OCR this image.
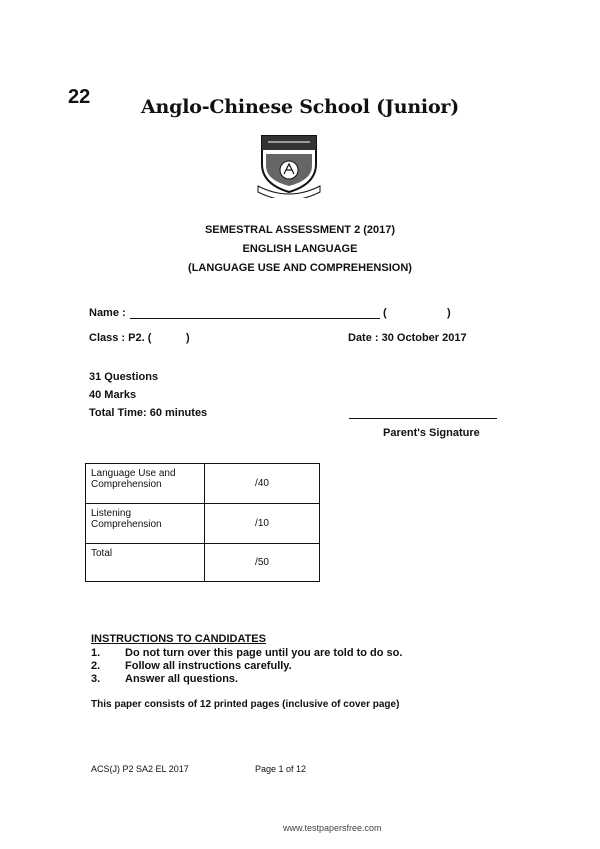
22	Anglo-Chinese School (Junior)
SEMESTRAL ASSESSMENT 2 (2017)
ENGLISH LANGUAGE
(LANGUAGE USE AND COMPREHENSION)
Name :	(	)
Class : P2. (	)	Date : 30 October 2017
31 Questions
40 Marks
Total Time: 60 minutes
Parent's Signature
Language Use and Comprehension	/40
Listening Comprehension	/10
Total	/50
INSTRUCTIONS TO CANDIDATES
1. Do not turn over this page until you are told to do so.
2. Follow all instructions carefully.
3. Answer all questions.
This paper consists of 12 printed pages (inclusive of cover page)
ACS(J) P2 SA2 EL 2017	Page 1 of 12
www.testpapersfree.com
